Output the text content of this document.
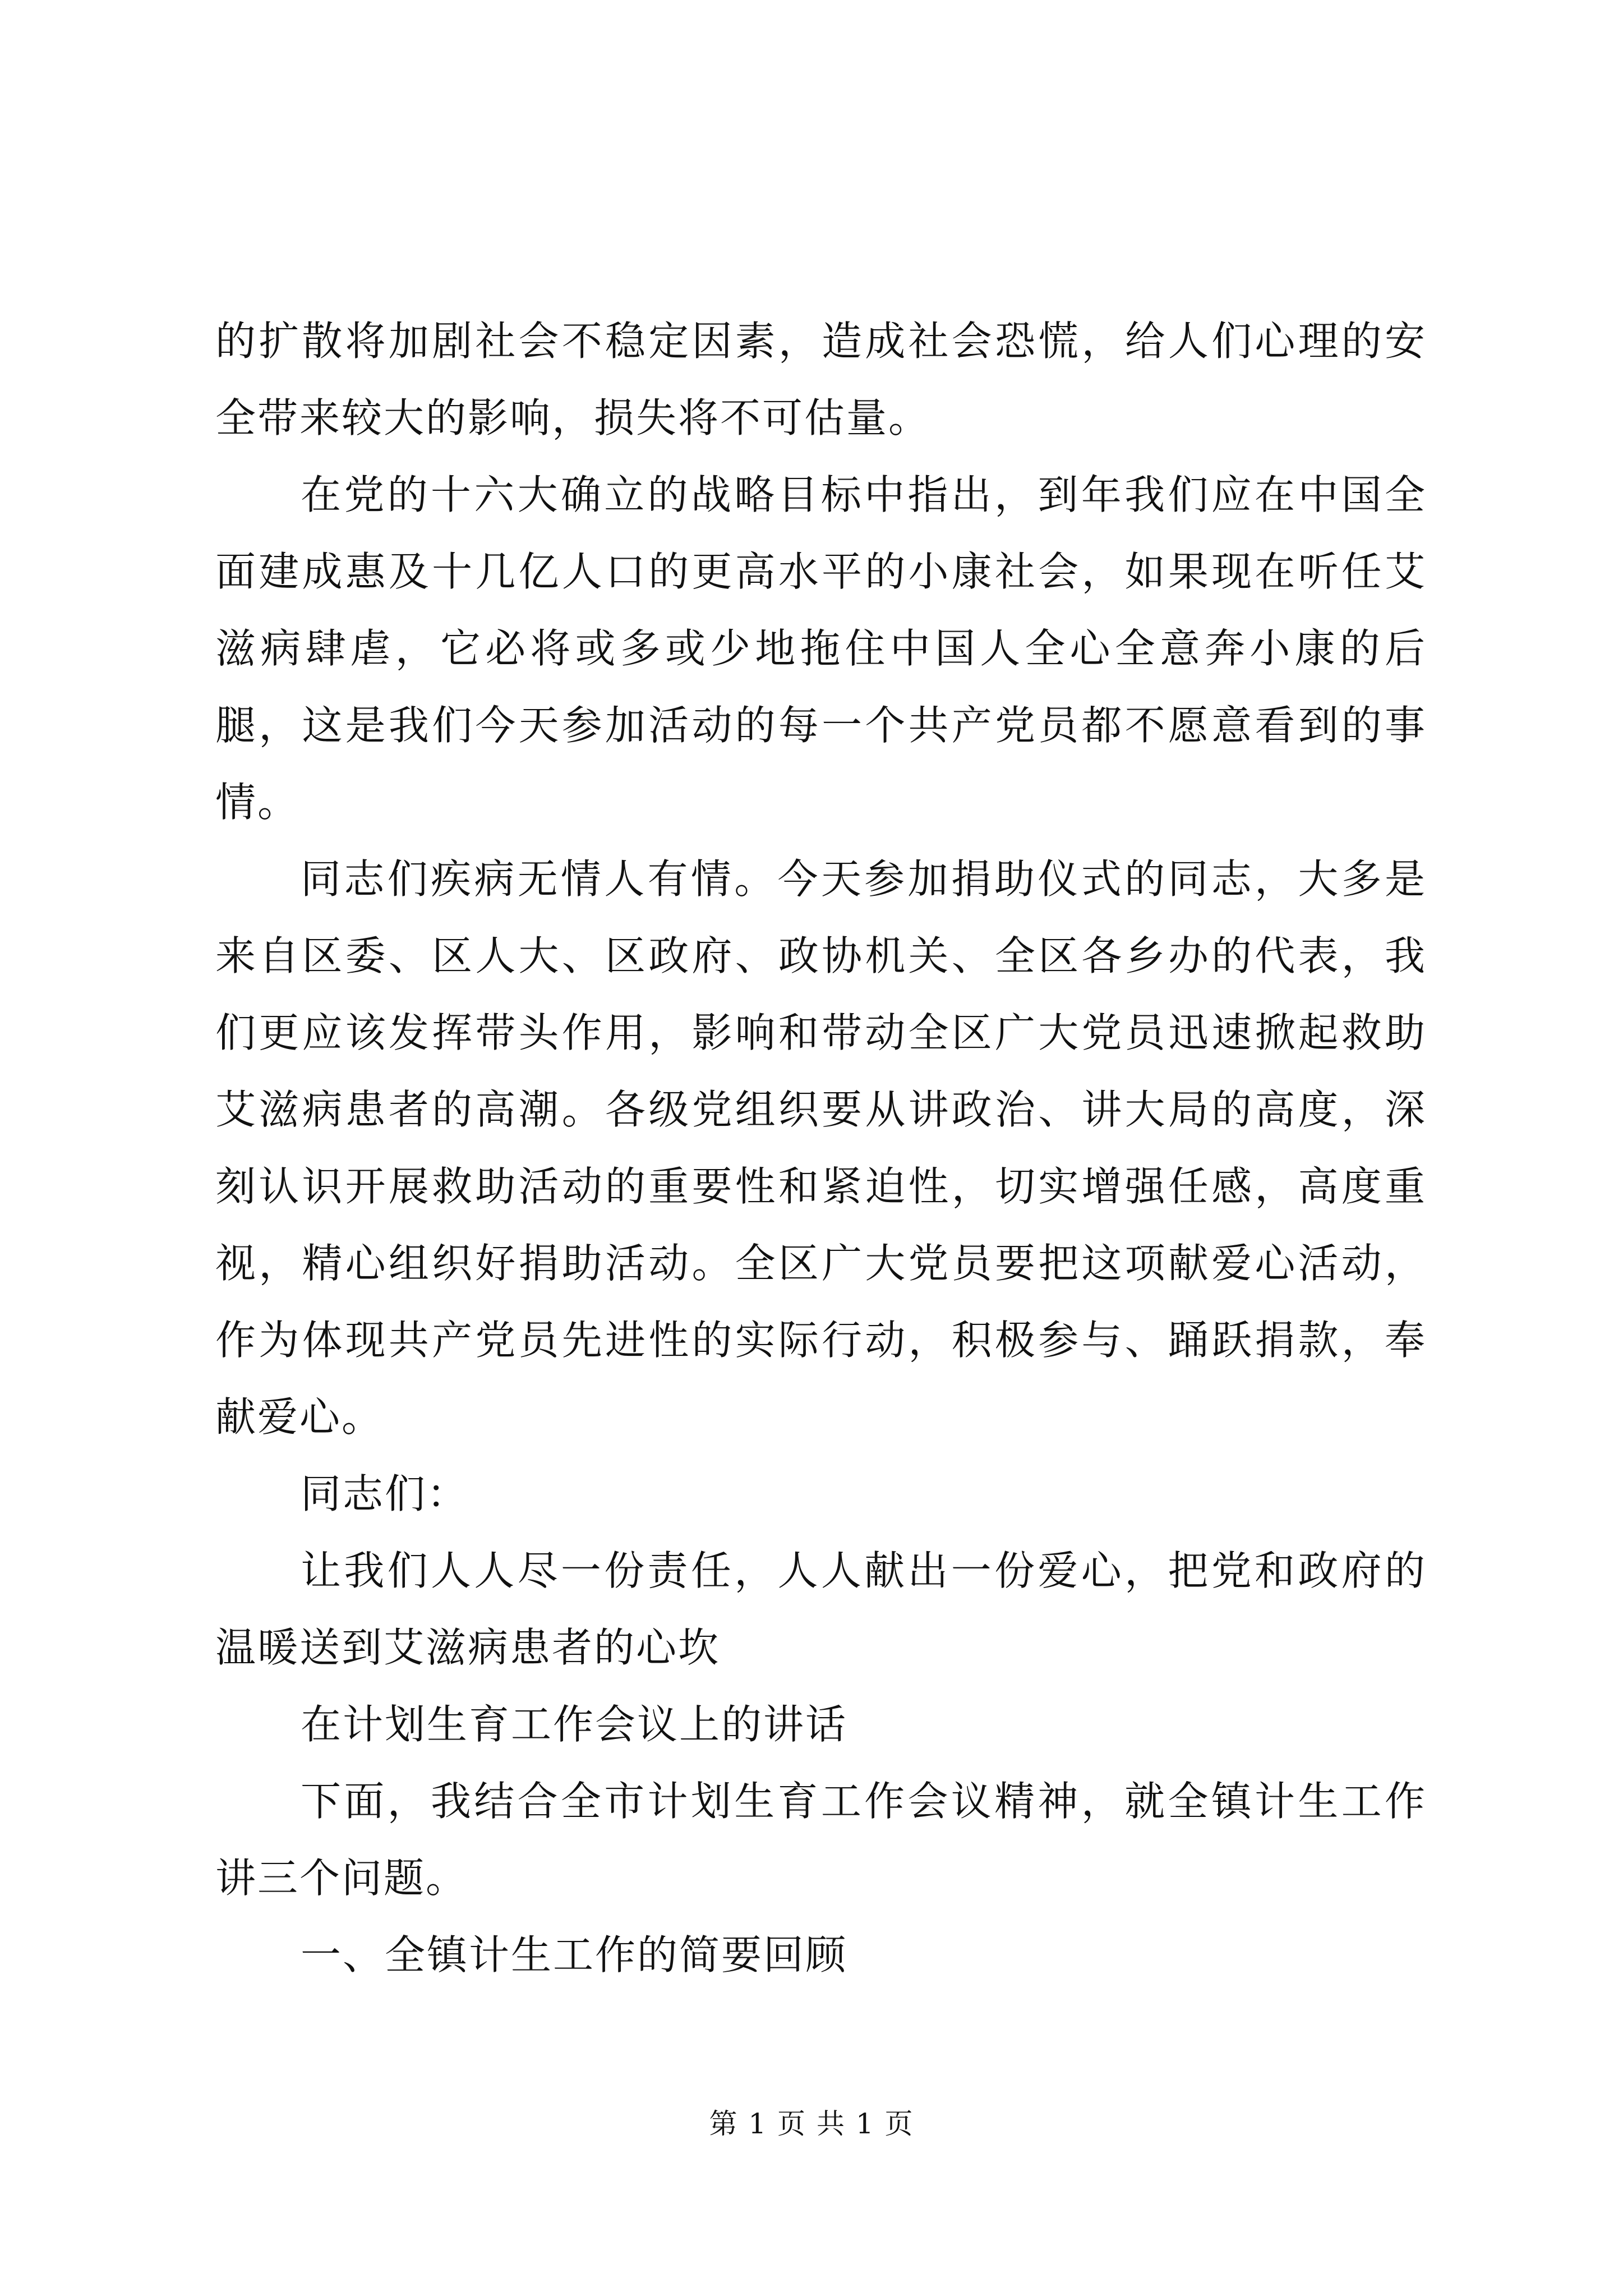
的扩散将加剧社会不稳定因素，造成社会恐慌，给人们心理的安全带来较大的影响，损失将不可估量。

在党的十六大确立的战略目标中指出，到年我们应在中国全面建成惠及十几亿人口的更高水平的小康社会，如果现在听任艾滋病肆虐，它必将或多或少地拖住中国人全心全意奔小康的后腿，这是我们今天参加活动的每一个共产党员都不愿意看到的事情。

同志们疾病无情人有情。今天参加捐助仪式的同志，大多是来自区委、区人大、区政府、政协机关、全区各乡办的代表，我们更应该发挥带头作用，影响和带动全区广大党员迅速掀起救助艾滋病患者的高潮。各级党组织要从讲政治、讲大局的高度，深刻认识开展救助活动的重要性和紧迫性，切实增强任感，高度重视，精心组织好捐助活动。全区广大党员要把这项献爱心活动，作为体现共产党员先进性的实际行动，积极参与、踊跃捐款，奉献爱心。

同志们：

让我们人人尽一份责任，人人献出一份爱心，把党和政府的温暖送到艾滋病患者的心坎

在计划生育工作会议上的讲话

下面，我结合全市计划生育工作会议精神，就全镇计生工作讲三个问题。

一、全镇计生工作的简要回顾

第 1 页 共 1 页
